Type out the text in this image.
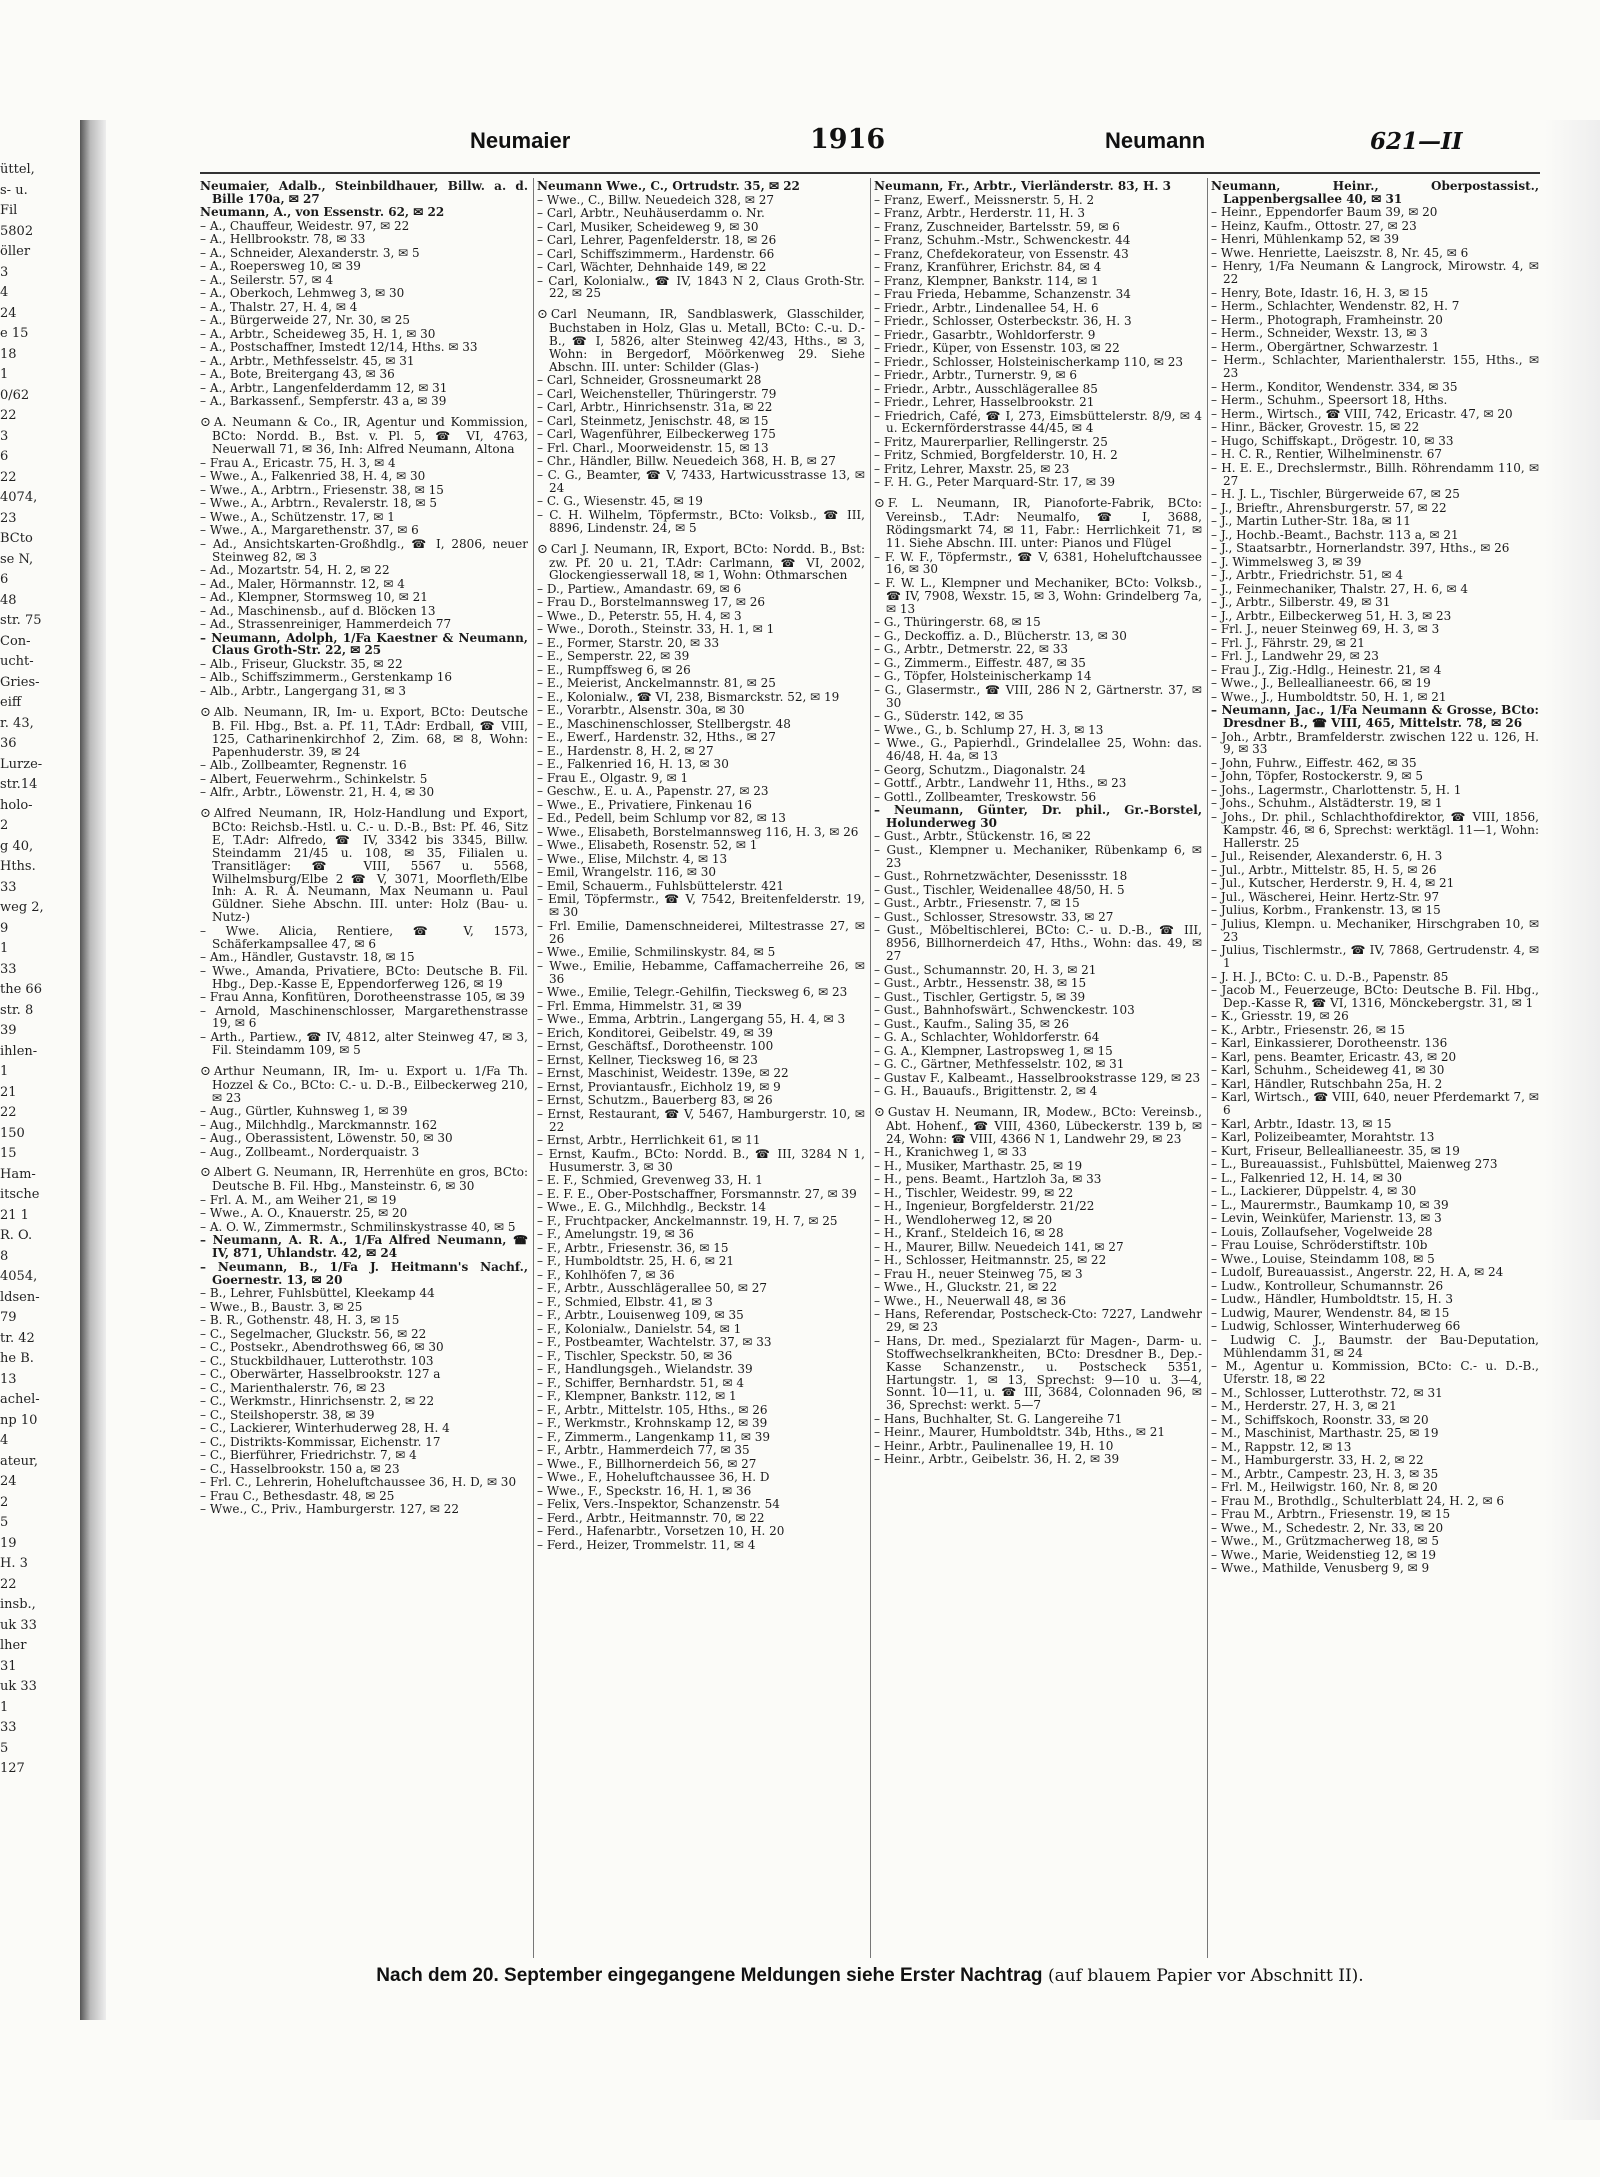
üttel,
s- u.
Fil
5802
öller
3
4
24
e 15
18
1
0/62
22
3
6
22
4074,
23
BCto
se N,
6
48
str. 75
Con-
ucht-
Gries-
eiff
r. 43,
36
Lurze-
str.14
holo-
2
g 40,
Hths.
33
weg 2,
9
1
33
the 66
str. 8
39
ihlen-
1
21
22
150
15
Ham-
itsche
21 1
R. O.
8
4054,
ldsen-
79
tr. 42
he B.
13
achel-
np 10
4
ateur,
24
2
5
19
H. 3
22
insb.,
uk 33
lher
31
uk 33
1
33
5
127
Neumaier	1916	Neumann	621—II
Neumaier, Adalb., Steinbildhauer, Billw. a. d. Bille 170a, ✉ 27
Neumann, A., von Essenstr. 62, ✉ 22
– A., Chauffeur, Weidestr. 97, ✉ 22
– A., Hellbrookstr. 78, ✉ 33
– A., Schneider, Alexanderstr. 3, ✉ 5
– A., Roepersweg 10, ✉ 39
– A., Seilerstr. 57, ✉ 4
– A., Oberkoch, Lehmweg 3, ✉ 30
– A., Thalstr. 27, H. 4, ✉ 4
– A., Bürgerweide 27, Nr. 30, ✉ 25
– A., Arbtr., Scheideweg 35, H. 1, ✉ 30
– A., Postschaffner, Imstedt 12/14, Hths. ✉ 33
– A., Arbtr., Methfesselstr. 45, ✉ 31
– A., Bote, Breitergang 43, ✉ 36
– A., Arbtr., Langenfelderdamm 12, ✉ 31
– A., Barkassenf., Sempferstr. 43 a, ✉ 39
⊙ A. Neumann & Co., IR, Agentur und Kommission, BCto: Nordd. B., Bst. v. Pl. 5, ☎ VI, 4763, Neuerwall 71, ✉ 36, Inh: Alfred Neumann, Altona
– Frau A., Ericastr. 75, H. 3, ✉ 4
– Wwe., A., Falkenried 38, H. 4, ✉ 30
– Wwe., A., Arbtrn., Friesenstr. 38, ✉ 15
– Wwe., A., Arbtrn., Revalerstr. 18, ✉ 5
– Wwe., A., Schützenstr. 17, ✉ 1
– Wwe., A., Margarethenstr. 37, ✉ 6
– Ad., Ansichtskarten-Großhdlg., ☎ I, 2806, neuer Steinweg 82, ✉ 3
– Ad., Mozartstr. 54, H. 2, ✉ 22
– Ad., Maler, Hörmannstr. 12, ✉ 4
– Ad., Klempner, Stormsweg 10, ✉ 21
– Ad., Maschinensb., auf d. Blöcken 13
– Ad., Strassenreiniger, Hammerdeich 77
– Neumann, Adolph, 1/Fa Kaestner & Neumann, Claus Groth-Str. 22, ✉ 25
– Alb., Friseur, Gluckstr. 35, ✉ 22
– Alb., Schiffszimmerm., Gerstenkamp 16
– Alb., Arbtr., Langergang 31, ✉ 3
⊙ Alb. Neumann, IR, Im- u. Export, BCto: Deutsche B. Fil. Hbg., Bst. a. Pf. 11, T.Adr: Erdball, ☎ VIII, 125, Catharinenkirchhof 2, Zim. 68, ✉ 8, Wohn: Papenhuderstr. 39, ✉ 24
– Alb., Zollbeamter, Regnenstr. 16
– Albert, Feuerwehrm., Schinkelstr. 5
– Alfr., Arbtr., Löwenstr. 21, H. 4, ✉ 30
⊙ Alfred Neumann, IR, Holz-Handlung und Export, BCto: Reichsb.-Hstl. u. C.- u. D.-B., Bst: Pf. 46, Sitz E, T.Adr: Alfredo, ☎ IV, 3342 bis 3345, Billw. Steindamm 21/45 u. 108, ✉ 35, Filialen u. Transitläger: ☎ VIII, 5567 u. 5568, Wilhelmsburg/Elbe 2 ☎ V, 3071, Moorfleth/Elbe Inh: A. R. A. Neumann, Max Neumann u. Paul Güldner. Siehe Abschn. III. unter: Holz (Bau- u. Nutz-)
– Wwe. Alicia, Rentiere, ☎ V, 1573, Schäferkampsallee 47, ✉ 6
– Am., Händler, Gustavstr. 18, ✉ 15
– Wwe., Amanda, Privatiere, BCto: Deutsche B. Fil. Hbg., Dep.-Kasse E, Eppendorferweg 126, ✉ 19
– Frau Anna, Konfitüren, Dorotheenstrasse 105, ✉ 39
– Arnold, Maschinenschlosser, Margarethenstrasse 19, ✉ 6
– Arth., Partiew., ☎ IV, 4812, alter Steinweg 47, ✉ 3, Fil. Steindamm 109, ✉ 5
⊙ Arthur Neumann, IR, Im- u. Export u. 1/Fa Th. Hozzel & Co., BCto: C.- u. D.-B., Eilbeckerweg 210, ✉ 23
– Aug., Gürtler, Kuhnsweg 1, ✉ 39
– Aug., Milchhdlg., Marckmannstr. 162
– Aug., Oberassistent, Löwenstr. 50, ✉ 30
– Aug., Zollbeamt., Norderquaistr. 3
⊙ Albert G. Neumann, IR, Herrenhüte en gros, BCto: Deutsche B. Fil. Hbg., Mansteinstr. 6, ✉ 30
– Frl. A. M., am Weiher 21, ✉ 19
– Wwe., A. O., Knauerstr. 25, ✉ 20
– A. O. W., Zimmermstr., Schmilinskystrasse 40, ✉ 5
– Neumann, A. R. A., 1/Fa Alfred Neumann, ☎ IV, 871, Uhlandstr. 42, ✉ 24
– Neumann, B., 1/Fa J. Heitmann's Nachf., Goernestr. 13, ✉ 20
– B., Lehrer, Fuhlsbüttel, Kleekamp 44
– Wwe., B., Baustr. 3, ✉ 25
– B. R., Gothenstr. 48, H. 3, ✉ 15
– C., Segelmacher, Gluckstr. 56, ✉ 22
– C., Postsekr., Abendrothsweg 66, ✉ 30
– C., Stuckbildhauer, Lutterothstr. 103
– C., Oberwärter, Hasselbrookstr. 127 a
– C., Marienthalerstr. 76, ✉ 23
– C., Werkmstr., Hinrichsenstr. 2, ✉ 22
– C., Steilshoperstr. 38, ✉ 39
– C., Lackierer, Winterhuderweg 28, H. 4
– C., Distrikts-Kommissar, Eichenstr. 17
– C., Bierführer, Friedrichstr. 7, ✉ 4
– C., Hasselbrookstr. 150 a, ✉ 23
– Frl. C., Lehrerin, Hoheluftchaussee 36, H. D, ✉ 30
– Frau C., Bethesdastr. 48, ✉ 25
– Wwe., C., Priv., Hamburgerstr. 127, ✉ 22
Neumann Wwe., C., Ortrudstr. 35, ✉ 22
– Wwe., C., Billw. Neuedeich 328, ✉ 27
– Carl, Arbtr., Neuhäuserdamm o. Nr.
– Carl, Musiker, Scheideweg 9, ✉ 30
– Carl, Lehrer, Pagenfelderstr. 18, ✉ 26
– Carl, Schiffszimmerm., Hardenstr. 66
– Carl, Wächter, Dehnhaide 149, ✉ 22
– Carl, Kolonialw., ☎ IV, 1843 N 2, Claus Groth-Str. 22, ✉ 25
⊙ Carl Neumann, IR, Sandblaswerk, Glasschilder, Buchstaben in Holz, Glas u. Metall, BCto: C.-u. D.-B., ☎ I, 5826, alter Steinweg 42/43, Hths., ✉ 3, Wohn: in Bergedorf, Möörkenweg 29. Siehe Abschn. III. unter: Schilder (Glas-)
– Carl, Schneider, Grossneumarkt 28
– Carl, Weichensteller, Thüringerstr. 79
– Carl, Arbtr., Hinrichsenstr. 31a, ✉ 22
– Carl, Steinmetz, Jenischstr. 48, ✉ 15
– Carl, Wagenführer, Eilbeckerweg 175
– Frl. Charl., Moorweidenstr. 15, ✉ 13
– Chr., Händler, Billw. Neuedeich 368, H. B, ✉ 27
– C. G., Beamter, ☎ V, 7433, Hartwicusstrasse 13, ✉ 24
– C. G., Wiesenstr. 45, ✉ 19
– C. H. Wilhelm, Töpfermstr., BCto: Volksb., ☎ III, 8896, Lindenstr. 24, ✉ 5
⊙ Carl J. Neumann, IR, Export, BCto: Nordd. B., Bst: zw. Pf. 20 u. 21, T.Adr: Carlmann, ☎ VI, 2002, Glockengiesserwall 18, ✉ 1, Wohn: Othmarschen
– D., Partiew., Amandastr. 69, ✉ 6
– Frau D., Borstelmannsweg 17, ✉ 26
– Wwe., D., Peterstr. 55, H. 4, ✉ 3
– Wwe., Doroth., Steinstr. 33, H. 1, ✉ 1
– E., Former, Starstr. 20, ✉ 33
– E., Semperstr. 22, ✉ 39
– E., Rumpffsweg 6, ✉ 26
– E., Meierist, Anckelmannstr. 81, ✉ 25
– E., Kolonialw., ☎ VI, 238, Bismarckstr. 52, ✉ 19
– E., Vorarbtr., Alsenstr. 30a, ✉ 30
– E., Maschinenschlosser, Stellbergstr. 48
– E., Ewerf., Hardenstr. 32, Hths., ✉ 27
– E., Hardenstr. 8, H. 2, ✉ 27
– E., Falkenried 16, H. 13, ✉ 30
– Frau E., Olgastr. 9, ✉ 1
– Geschw., E. u. A., Papenstr. 27, ✉ 23
– Wwe., E., Privatiere, Finkenau 16
– Ed., Pedell, beim Schlump vor 82, ✉ 13
– Wwe., Elisabeth, Borstelmannsweg 116, H. 3, ✉ 26
– Wwe., Elisabeth, Rosenstr. 52, ✉ 1
– Wwe., Elise, Milchstr. 4, ✉ 13
– Emil, Wrangelstr. 116, ✉ 30
– Emil, Schauerm., Fuhlsbüttelerstr. 421
– Emil, Töpfermstr., ☎ V, 7542, Breitenfelderstr. 19, ✉ 30
– Frl. Emilie, Damenschneiderei, Miltestrasse 27, ✉ 26
– Wwe., Emilie, Schmilinskystr. 84, ✉ 5
– Wwe., Emilie, Hebamme, Caffamacherreihe 26, ✉ 36
– Wwe., Emilie, Telegr.-Gehilfin, Tiecksweg 6, ✉ 23
– Frl. Emma, Himmelstr. 31, ✉ 39
– Wwe., Emma, Arbtrin., Langergang 55, H. 4, ✉ 3
– Erich, Konditorei, Geibelstr. 49, ✉ 39
– Ernst, Geschäftsf., Dorotheenstr. 100
– Ernst, Kellner, Tiecksweg 16, ✉ 23
– Ernst, Maschinist, Weidestr. 139e, ✉ 22
– Ernst, Proviantausfr., Eichholz 19, ✉ 9
– Ernst, Schutzm., Bauerberg 83, ✉ 26
– Ernst, Restaurant, ☎ V, 5467, Hamburgerstr. 10, ✉ 22
– Ernst, Arbtr., Herrlichkeit 61, ✉ 11
– Ernst, Kaufm., BCto: Nordd. B., ☎ III, 3284 N 1, Husumerstr. 3, ✉ 30
– E. F., Schmied, Grevenweg 33, H. 1
– E. F. E., Ober-Postschaffner, Forsmannstr. 27, ✉ 39
– Wwe., E. G., Milchhdlg., Beckstr. 14
– F., Fruchtpacker, Anckelmannstr. 19, H. 7, ✉ 25
– F., Amelungstr. 19, ✉ 36
– F., Arbtr., Friesenstr. 36, ✉ 15
– F., Humboldtstr. 25, H. 6, ✉ 21
– F., Kohlhöfen 7, ✉ 36
– F., Arbtr., Ausschlägerallee 50, ✉ 27
– F., Schmied, Elbstr. 41, ✉ 3
– F., Arbtr., Louisenweg 109, ✉ 35
– F., Kolonialw., Danielstr. 54, ✉ 1
– F., Postbeamter, Wachtelstr. 37, ✉ 33
– F., Tischler, Speckstr. 50, ✉ 36
– F., Handlungsgeh., Wielandstr. 39
– F., Schiffer, Bernhardstr. 51, ✉ 4
– F., Klempner, Bankstr. 112, ✉ 1
– F., Arbtr., Mittelstr. 105, Hths., ✉ 26
– F., Werkmstr., Krohnskamp 12, ✉ 39
– F., Zimmerm., Langenkamp 11, ✉ 39
– F., Arbtr., Hammerdeich 77, ✉ 35
– Wwe., F., Billhornerdeich 56, ✉ 27
– Wwe., F., Hoheluftchaussee 36, H. D
– Wwe., F., Speckstr. 16, H. 1, ✉ 36
– Felix, Vers.-Inspektor, Schanzenstr. 54
– Ferd., Arbtr., Heitmannstr. 70, ✉ 22
– Ferd., Hafenarbtr., Vorsetzen 10, H. 20
– Ferd., Heizer, Trommelstr. 11, ✉ 4
Neumann, Fr., Arbtr., Vierländerstr. 83, H. 3
– Franz, Ewerf., Meissnerstr. 5, H. 2
– Franz, Arbtr., Herderstr. 11, H. 3
– Franz, Zuschneider, Bartelsstr. 59, ✉ 6
– Franz, Schuhm.-Mstr., Schwenckestr. 44
– Franz, Chefdekorateur, von Essenstr. 43
– Franz, Kranführer, Erichstr. 84, ✉ 4
– Franz, Klempner, Bankstr. 114, ✉ 1
– Frau Frieda, Hebamme, Schanzenstr. 34
– Friedr., Arbtr., Lindenallee 54, H. 6
– Friedr., Schlosser, Osterbeckstr. 36, H. 3
– Friedr., Gasarbtr., Wohldorferstr. 9
– Friedr., Küper, von Essenstr. 103, ✉ 22
– Friedr., Schlosser, Holsteinischerkamp 110, ✉ 23
– Friedr., Arbtr., Turnerstr. 9, ✉ 6
– Friedr., Arbtr., Ausschlägerallee 85
– Friedr., Lehrer, Hasselbrookstr. 21
– Friedrich, Café, ☎ I, 273, Eimsbüttelerstr. 8/9, ✉ 4 u. Eckernförderstrasse 44/45, ✉ 4
– Fritz, Maurerparlier, Rellingerstr. 25
– Fritz, Schmied, Borgfelderstr. 10, H. 2
– Fritz, Lehrer, Maxstr. 25, ✉ 23
– F. H. G., Peter Marquard-Str. 17, ✉ 39
⊙ F. L. Neumann, IR, Pianoforte-Fabrik, BCto: Vereinsb., T.Adr: Neumalfo, ☎ I, 3688, Rödingsmarkt 74, ✉ 11, Fabr.: Herrlichkeit 71, ✉ 11. Siehe Abschn. III. unter: Pianos und Flügel
– F. W. F., Töpfermstr., ☎ V, 6381, Hoheluftchaussee 16, ✉ 30
– F. W. L., Klempner und Mechaniker, BCto: Volksb., ☎ IV, 7908, Wexstr. 15, ✉ 3, Wohn: Grindelberg 7a, ✉ 13
– G., Thüringerstr. 68, ✉ 15
– G., Deckoffiz. a. D., Blücherstr. 13, ✉ 30
– G., Arbtr., Detmerstr. 22, ✉ 33
– G., Zimmerm., Eiffestr. 487, ✉ 35
– G., Töpfer, Holsteinischerkamp 14
– G., Glasermstr., ☎ VIII, 286 N 2, Gärtnerstr. 37, ✉ 30
– G., Süderstr. 142, ✉ 35
– Wwe., G., b. Schlump 27, H. 3, ✉ 13
– Wwe., G., Papierhdl., Grindelallee 25, Wohn: das. 46/48, H. 4a, ✉ 13
– Georg, Schutzm., Diagonalstr. 24
– Gottf., Arbtr., Landwehr 11, Hths., ✉ 23
– Gottl., Zollbeamter, Treskowstr. 56
– Neumann, Günter, Dr. phil., Gr.-Borstel, Holunderweg 30
– Gust., Arbtr., Stückenstr. 16, ✉ 22
– Gust., Klempner u. Mechaniker, Rübenkamp 6, ✉ 23
– Gust., Rohrnetzwächter, Desenissstr. 18
– Gust., Tischler, Weidenallee 48/50, H. 5
– Gust., Arbtr., Friesenstr. 7, ✉ 15
– Gust., Schlosser, Stresowstr. 33, ✉ 27
– Gust., Möbeltischlerei, BCto: C.- u. D.-B., ☎ III, 8956, Billhornerdeich 47, Hths., Wohn: das. 49, ✉ 27
– Gust., Schumannstr. 20, H. 3, ✉ 21
– Gust., Arbtr., Hessenstr. 38, ✉ 15
– Gust., Tischler, Gertigstr. 5, ✉ 39
– Gust., Bahnhofswärt., Schwenckestr. 103
– Gust., Kaufm., Saling 35, ✉ 26
– G. A., Schlachter, Wohldorferstr. 64
– G. A., Klempner, Lastropsweg 1, ✉ 15
– G. C., Gärtner, Methfesselstr. 102, ✉ 31
– Gustav F., Kalbeamt., Hasselbrookstrasse 129, ✉ 23
– G. H., Bauaufs., Brigittenstr. 2, ✉ 4
⊙ Gustav H. Neumann, IR, Modew., BCto: Vereinsb., Abt. Hohenf., ☎ VIII, 4360, Lübeckerstr. 139 b, ✉ 24, Wohn: ☎ VIII, 4366 N 1, Landwehr 29, ✉ 23
– H., Kranichweg 1, ✉ 33
– H., Musiker, Marthastr. 25, ✉ 19
– H., pens. Beamt., Hartzloh 3a, ✉ 33
– H., Tischler, Weidestr. 99, ✉ 22
– H., Ingenieur, Borgfelderstr. 21/22
– H., Wendloherweg 12, ✉ 20
– H., Kranf., Steldeich 16, ✉ 28
– H., Maurer, Billw. Neuedeich 141, ✉ 27
– H., Schlosser, Heitmannstr. 25, ✉ 22
– Frau H., neuer Steinweg 75, ✉ 3
– Wwe., H., Gluckstr. 21, ✉ 22
– Wwe., H., Neuerwall 48, ✉ 36
– Hans, Referendar, Postscheck-Cto: 7227, Landwehr 29, ✉ 23
– Hans, Dr. med., Spezialarzt für Magen-, Darm- u. Stoffwechselkrankheiten, BCto: Dresdner B., Dep.-Kasse Schanzenstr., u. Postscheck 5351, Hartungstr. 1, ✉ 13, Sprechst: 9—10 u. 3—4, Sonnt. 10—11, u. ☎ III, 3684, Colonnaden 96, ✉ 36, Sprechst: werkt. 5—7
– Hans, Buchhalter, St. G. Langereihe 71
– Heinr., Maurer, Humboldtstr. 34b, Hths., ✉ 21
– Heinr., Arbtr., Paulinenallee 19, H. 10
– Heinr., Arbtr., Geibelstr. 36, H. 2, ✉ 39
Neumann, Heinr., Oberpostassist., Lappenbergsallee 40, ✉ 31
– Heinr., Eppendorfer Baum 39, ✉ 20
– Heinz, Kaufm., Ottostr. 27, ✉ 23
– Henri, Mühlenkamp 52, ✉ 39
– Wwe. Henriette, Laeiszstr. 8, Nr. 45, ✉ 6
– Henry, 1/Fa Neumann & Langrock, Mirowstr. 4, ✉ 22
– Henry, Bote, Idastr. 16, H. 3, ✉ 15
– Herm., Schlachter, Wendenstr. 82, H. 7
– Herm., Photograph, Framheinstr. 20
– Herm., Schneider, Wexstr. 13, ✉ 3
– Herm., Obergärtner, Schwarzestr. 1
– Herm., Schlachter, Marienthalerstr. 155, Hths., ✉ 23
– Herm., Konditor, Wendenstr. 334, ✉ 35
– Herm., Schuhm., Speersort 18, Hths.
– Herm., Wirtsch., ☎ VIII, 742, Ericastr. 47, ✉ 20
– Hinr., Bäcker, Grovestr. 15, ✉ 22
– Hugo, Schiffskapt., Drögestr. 10, ✉ 33
– H. C. R., Rentier, Wilhelminenstr. 67
– H. E. E., Drechslermstr., Billh. Röhrendamm 110, ✉ 27
– H. J. L., Tischler, Bürgerweide 67, ✉ 25
– J., Brieftr., Ahrensburgerstr. 57, ✉ 22
– J., Martin Luther-Str. 18a, ✉ 11
– J., Hochb.-Beamt., Bachstr. 113 a, ✉ 21
– J., Staatsarbtr., Hornerlandstr. 397, Hths., ✉ 26
– J. Wimmelsweg 3, ✉ 39
– J., Arbtr., Friedrichstr. 51, ✉ 4
– J., Feinmechaniker, Thalstr. 27, H. 6, ✉ 4
– J., Arbtr., Silberstr. 49, ✉ 31
– J., Arbtr., Eilbeckerweg 51, H. 3, ✉ 23
– Frl. J., neuer Steinweg 69, H. 3, ✉ 3
– Frl. J., Fährstr. 29, ✉ 21
– Frl. J., Landwehr 29, ✉ 23
– Frau J., Zig.-Hdlg., Heinestr. 21, ✉ 4
– Wwe., J., Belleallianeestr. 66, ✉ 19
– Wwe., J., Humboldtstr. 50, H. 1, ✉ 21
– Neumann, Jac., 1/Fa Neumann & Grosse, BCto: Dresdner B., ☎ VIII, 465, Mittelstr. 78, ✉ 26
– Joh., Arbtr., Bramfelderstr. zwischen 122 u. 126, H. 9, ✉ 33
– John, Fuhrw., Eiffestr. 462, ✉ 35
– John, Töpfer, Rostockerstr. 9, ✉ 5
– Johs., Lagermstr., Charlottenstr. 5, H. 1
– Johs., Schuhm., Alstädterstr. 19, ✉ 1
– Johs., Dr. phil., Schlachthofdirektor, ☎ VIII, 1856, Kampstr. 46, ✉ 6, Sprechst: werktägl. 11—1, Wohn: Hallerstr. 25
– Jul., Reisender, Alexanderstr. 6, H. 3
– Jul., Arbtr., Mittelstr. 85, H. 5, ✉ 26
– Jul., Kutscher, Herderstr. 9, H. 4, ✉ 21
– Jul., Wäscherei, Heinr. Hertz-Str. 97
– Julius, Korbm., Frankenstr. 13, ✉ 15
– Julius, Klempn. u. Mechaniker, Hirschgraben 10, ✉ 23
– Julius, Tischlermstr., ☎ IV, 7868, Gertrudenstr. 4, ✉ 1
– J. H. J., BCto: C. u. D.-B., Papenstr. 85
– Jacob M., Feuerzeuge, BCto: Deutsche B. Fil. Hbg., Dep.-Kasse R, ☎ VI, 1316, Mönckebergstr. 31, ✉ 1
– K., Griesstr. 19, ✉ 26
– K., Arbtr., Friesenstr. 26, ✉ 15
– Karl, Einkassierer, Dorotheenstr. 136
– Karl, pens. Beamter, Ericastr. 43, ✉ 20
– Karl, Schuhm., Scheideweg 41, ✉ 30
– Karl, Händler, Rutschbahn 25a, H. 2
– Karl, Wirtsch., ☎ VIII, 640, neuer Pferdemarkt 7, ✉ 6
– Karl, Arbtr., Idastr. 13, ✉ 15
– Karl, Polizeibeamter, Morahtstr. 13
– Kurt, Friseur, Belleallianeestr. 35, ✉ 19
– L., Bureauassist., Fuhlsbüttel, Maienweg 273
– L., Falkenried 12, H. 14, ✉ 30
– L., Lackierer, Düppelstr. 4, ✉ 30
– L., Maurermstr., Baumkamp 10, ✉ 39
– Levin, Weinküfer, Marienstr. 13, ✉ 3
– Louis, Zollaufseher, Vogelweide 28
– Frau Louise, Schröderstiftstr. 10b
– Wwe., Louise, Steindamm 108, ✉ 5
– Ludolf, Bureauassist., Angerstr. 22, H. A, ✉ 24
– Ludw., Kontrolleur, Schumannstr. 26
– Ludw., Händler, Humboldtstr. 15, H. 3
– Ludwig, Maurer, Wendenstr. 84, ✉ 15
– Ludwig, Schlosser, Winterhuderweg 66
– Ludwig C. J., Baumstr. der Bau-Deputation, Mühlendamm 31, ✉ 24
– M., Agentur u. Kommission, BCto: C.- u. D.-B., Uferstr. 18, ✉ 22
– M., Schlosser, Lutterothstr. 72, ✉ 31
– M., Herderstr. 27, H. 3, ✉ 21
– M., Schiffskoch, Roonstr. 33, ✉ 20
– M., Maschinist, Marthastr. 25, ✉ 19
– M., Rappstr. 12, ✉ 13
– M., Hamburgerstr. 33, H. 2, ✉ 22
– M., Arbtr., Campestr. 23, H. 3, ✉ 35
– Frl. M., Heilwigstr. 160, Nr. 8, ✉ 20
– Frau M., Brothdlg., Schulterblatt 24, H. 2, ✉ 6
– Frau M., Arbtrn., Friesenstr. 19, ✉ 15
– Wwe., M., Schedestr. 2, Nr. 33, ✉ 20
– Wwe., M., Grützmacherweg 18, ✉ 5
– Wwe., Marie, Weidenstieg 12, ✉ 19
– Wwe., Mathilde, Venusberg 9, ✉ 9
Nach dem 20. September eingegangene Meldungen siehe Erster Nachtrag (auf blauem Papier vor Abschnitt II).
